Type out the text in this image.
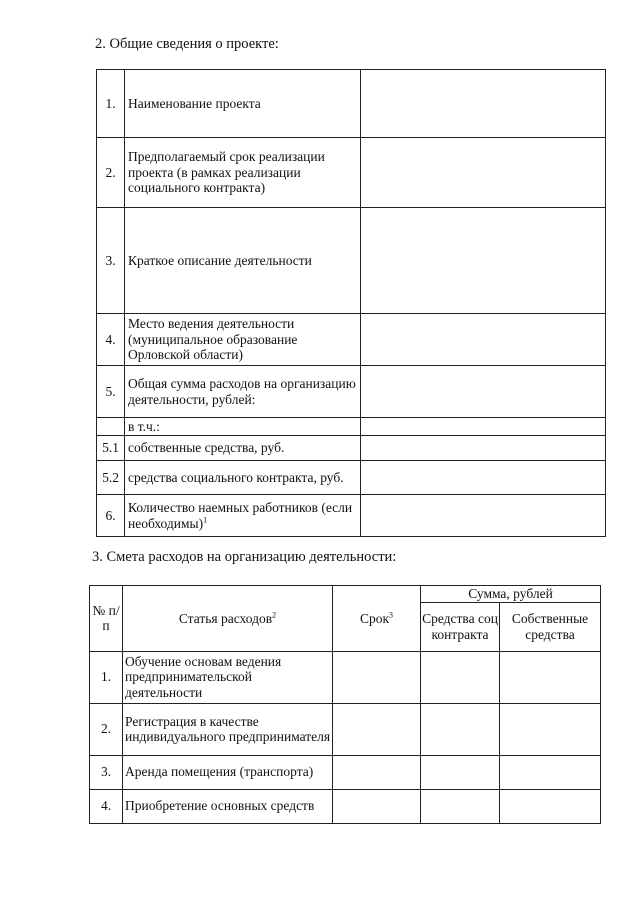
2. Общие сведения о проекте:

1.	Наименование проекта	
2.	Предполагаемый срок реализации проекта (в рамках реализации социального контракта)	
3.	Краткое описание деятельности	
4.	Место ведения деятельности (муниципальное образование Орловской области)	
5.	Общая сумма расходов на организацию деятельности, рублей:	
	в т.ч.:	
5.1	собственные средства, руб.	
5.2	средства социального контракта, руб.	
6.	Количество наемных работников (если необходимы)$^1$	

3. Смета расходов на организацию деятельности:

№ п/п	Статья расходов$^2$	Срок$^3$	Сумма, рублей	
			Средства соц контракта	Собственные средства
1.	Обучение основам ведения предпринимательской деятельности			
2.	Регистрация в качестве индивидуального предпринимателя			
3.	Аренда помещения (транспорта)			
4.	Приобретение основных средств			
